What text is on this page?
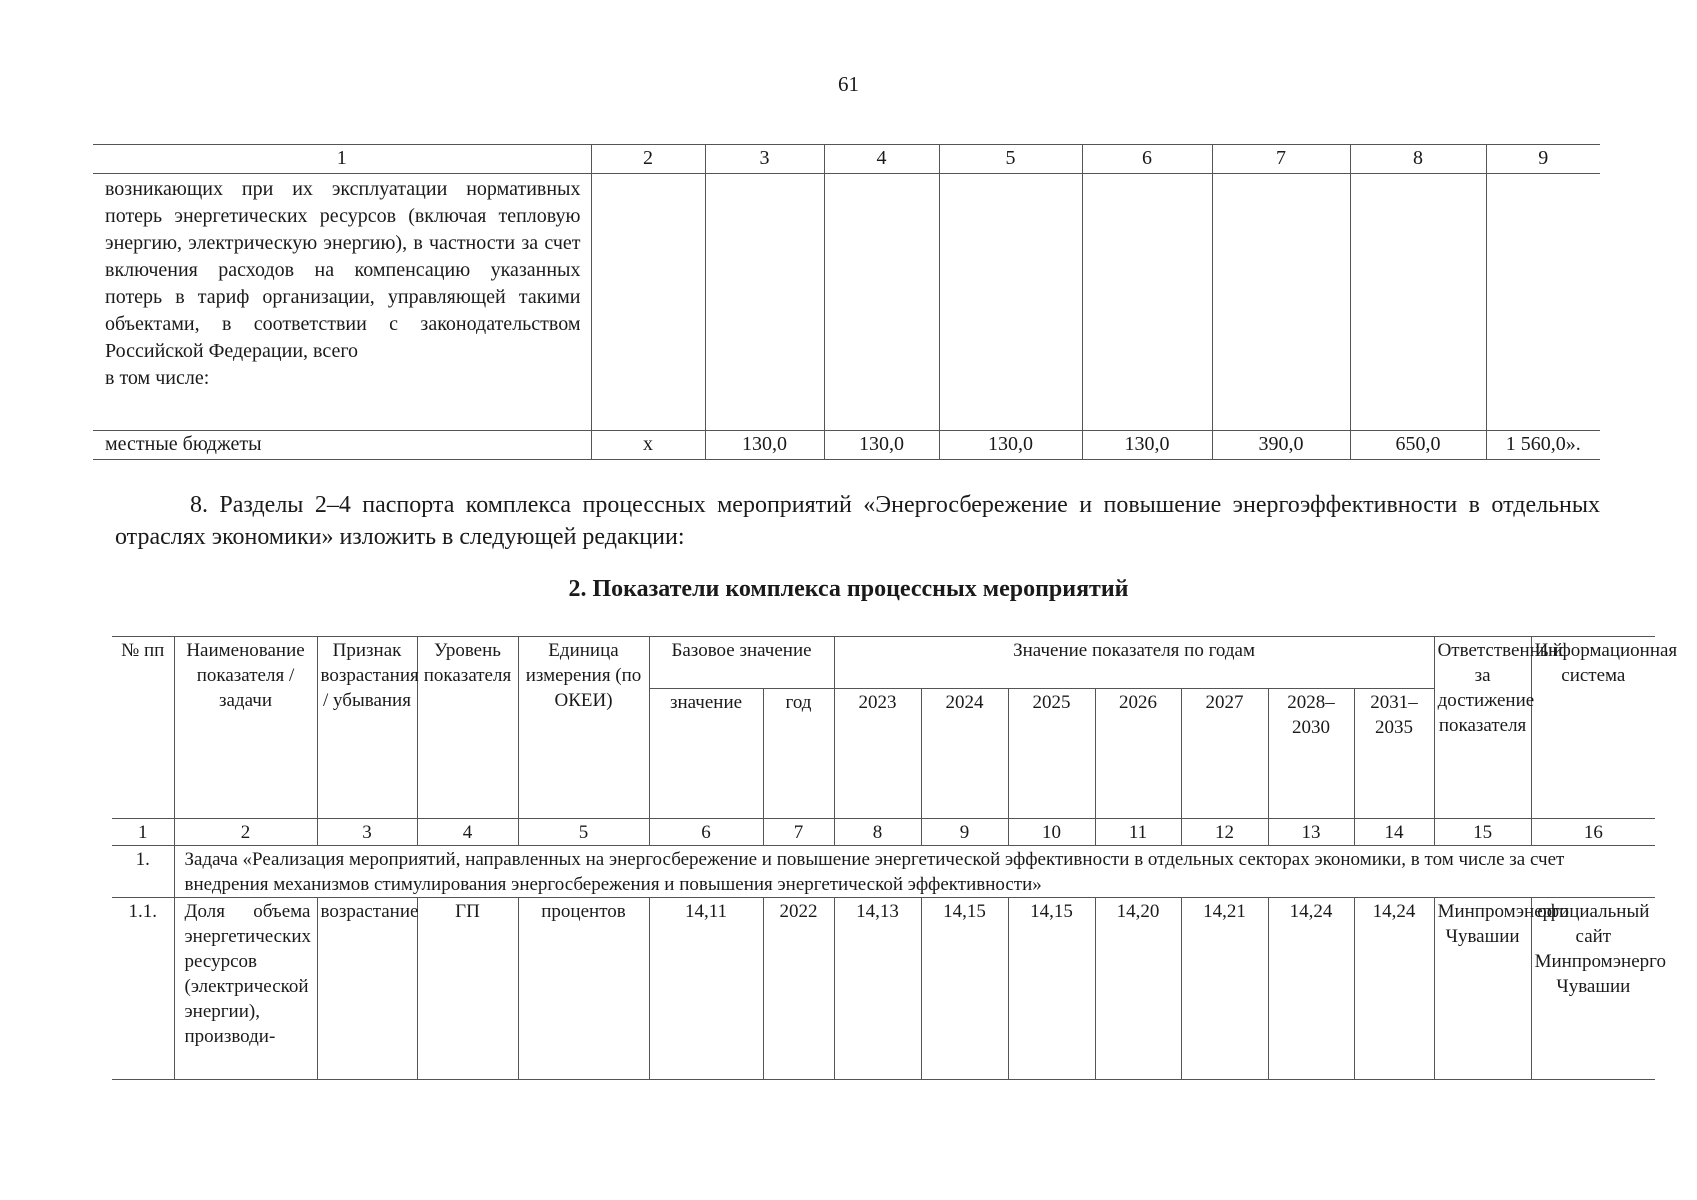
61
1	2	3	4	5	6	7	8	9
возникающих при их эксплуатации нормативных потерь энергетических ресурсов (включая тепловую энергию, электрическую энергию), в частности за счет включения расходов на компенсацию указанных потерь в тариф организации, управляющей такими объектами, в соответствии с законодательством Российской Федерации, всего
в том числе:								

местные бюджеты	х	130,0	130,0	130,0	130,0	390,0	650,0	1 560,0».

8. Разделы 2–4 паспорта комплекса процессных мероприятий «Энергосбережение и повышение энергоэффективности в отдельных отраслях экономики» изложить в следующей редакции:

2. Показатели комплекса процессных мероприятий
№ пп	Наименование показателя / задачи	Признак возрастания / убывания	Уровень показателя	Единица измерения (по ОКЕИ)	Базовое значение		Значение показателя по годам							Ответственный за достижение показателя	Информационная система
					значение	год	2023	2024	2025	2026	2027	2028–2030	2031–2035		
1	2	3	4	5	6	7	8	9	10	11	12	13	14	15	16
1.	Задача «Реализация мероприятий, направленных на энергосбережение и повышение энергетической эффективности в отдельных секторах экономики, в том числе за счет внедрения механизмов стимулирования энергосбережения и повышения энергетической эффективности»														
1.1.	Доля объема энергетических ресурсов (электрической энергии), производи-	возрастание	ГП	процентов	14,11	2022	14,13	14,15	14,15	14,20	14,21	14,24	14,24	Минпромэнерго Чувашии	официальный сайт Минпромэнерго Чувашии
